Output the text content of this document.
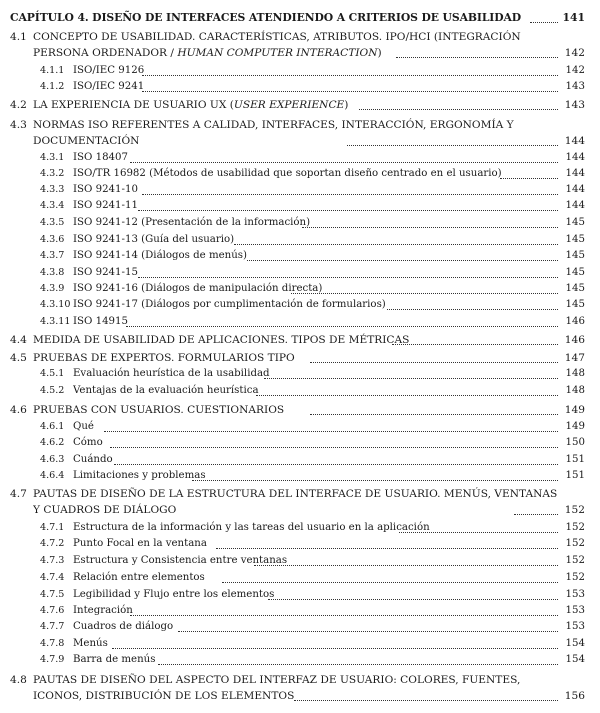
CAPÍTULO 4. DISEÑO DE INTERFACES ATENDIENDO A CRITERIOS DE USABILIDAD	141
4.1 CONCEPTO DE USABILIDAD. CARACTERÍSTICAS, ATRIBUTOS. IPO/HCI (INTEGRACIÓN
PERSONA ORDENADOR / HUMAN COMPUTER INTERACTION)	142
4.1.1 ISO/IEC 9126	142
4.1.2 ISO/IEC 9241	143
4.2 LA EXPERIENCIA DE USUARIO UX (USER EXPERIENCE)	143
4.3 NORMAS ISO REFERENTES A CALIDAD, INTERFACES, INTERACCIÓN, ERGONOMÍA Y
DOCUMENTACIÓN	144
4.3.1 ISO 18407	144
4.3.2 ISO/TR 16982 (Métodos de usabilidad que soportan diseño centrado en el usuario)	144
4.3.3 ISO 9241-10	144
4.3.4 ISO 9241-11	144
4.3.5 ISO 9241-12 (Presentación de la información)	145
4.3.6 ISO 9241-13 (Guía del usuario)	145
4.3.7 ISO 9241-14 (Diálogos de menús)	145
4.3.8 ISO 9241-15	145
4.3.9 ISO 9241-16 (Diálogos de manipulación directa)	145
4.3.10 ISO 9241-17 (Diálogos por cumplimentación de formularios)	145
4.3.11 ISO 14915	146
4.4 MEDIDA DE USABILIDAD DE APLICACIONES. TIPOS DE MÉTRICAS	146
4.5 PRUEBAS DE EXPERTOS. FORMULARIOS TIPO	147
4.5.1 Evaluación heurística de la usabilidad	148
4.5.2 Ventajas de la evaluación heurística	148
4.6 PRUEBAS CON USUARIOS. CUESTIONARIOS	149
4.6.1 Qué	149
4.6.2 Cómo	150
4.6.3 Cuándo	151
4.6.4 Limitaciones y problemas	151
4.7 PAUTAS DE DISEÑO DE LA ESTRUCTURA DEL INTERFACE DE USUARIO. MENÚS, VENTANAS
Y CUADROS DE DIÁLOGO	152
4.7.1 Estructura de la información y las tareas del usuario en la aplicación	152
4.7.2 Punto Focal en la ventana	152
4.7.3 Estructura y Consistencia entre ventanas	152
4.7.4 Relación entre elementos	152
4.7.5 Legibilidad y Flujo entre los elementos	153
4.7.6 Integración	153
4.7.7 Cuadros de diálogo	153
4.7.8 Menús	154
4.7.9 Barra de menús	154
4.8 PAUTAS DE DISEÑO DEL ASPECTO DEL INTERFAZ DE USUARIO: COLORES, FUENTES,
ICONOS, DISTRIBUCIÓN DE LOS ELEMENTOS	156
